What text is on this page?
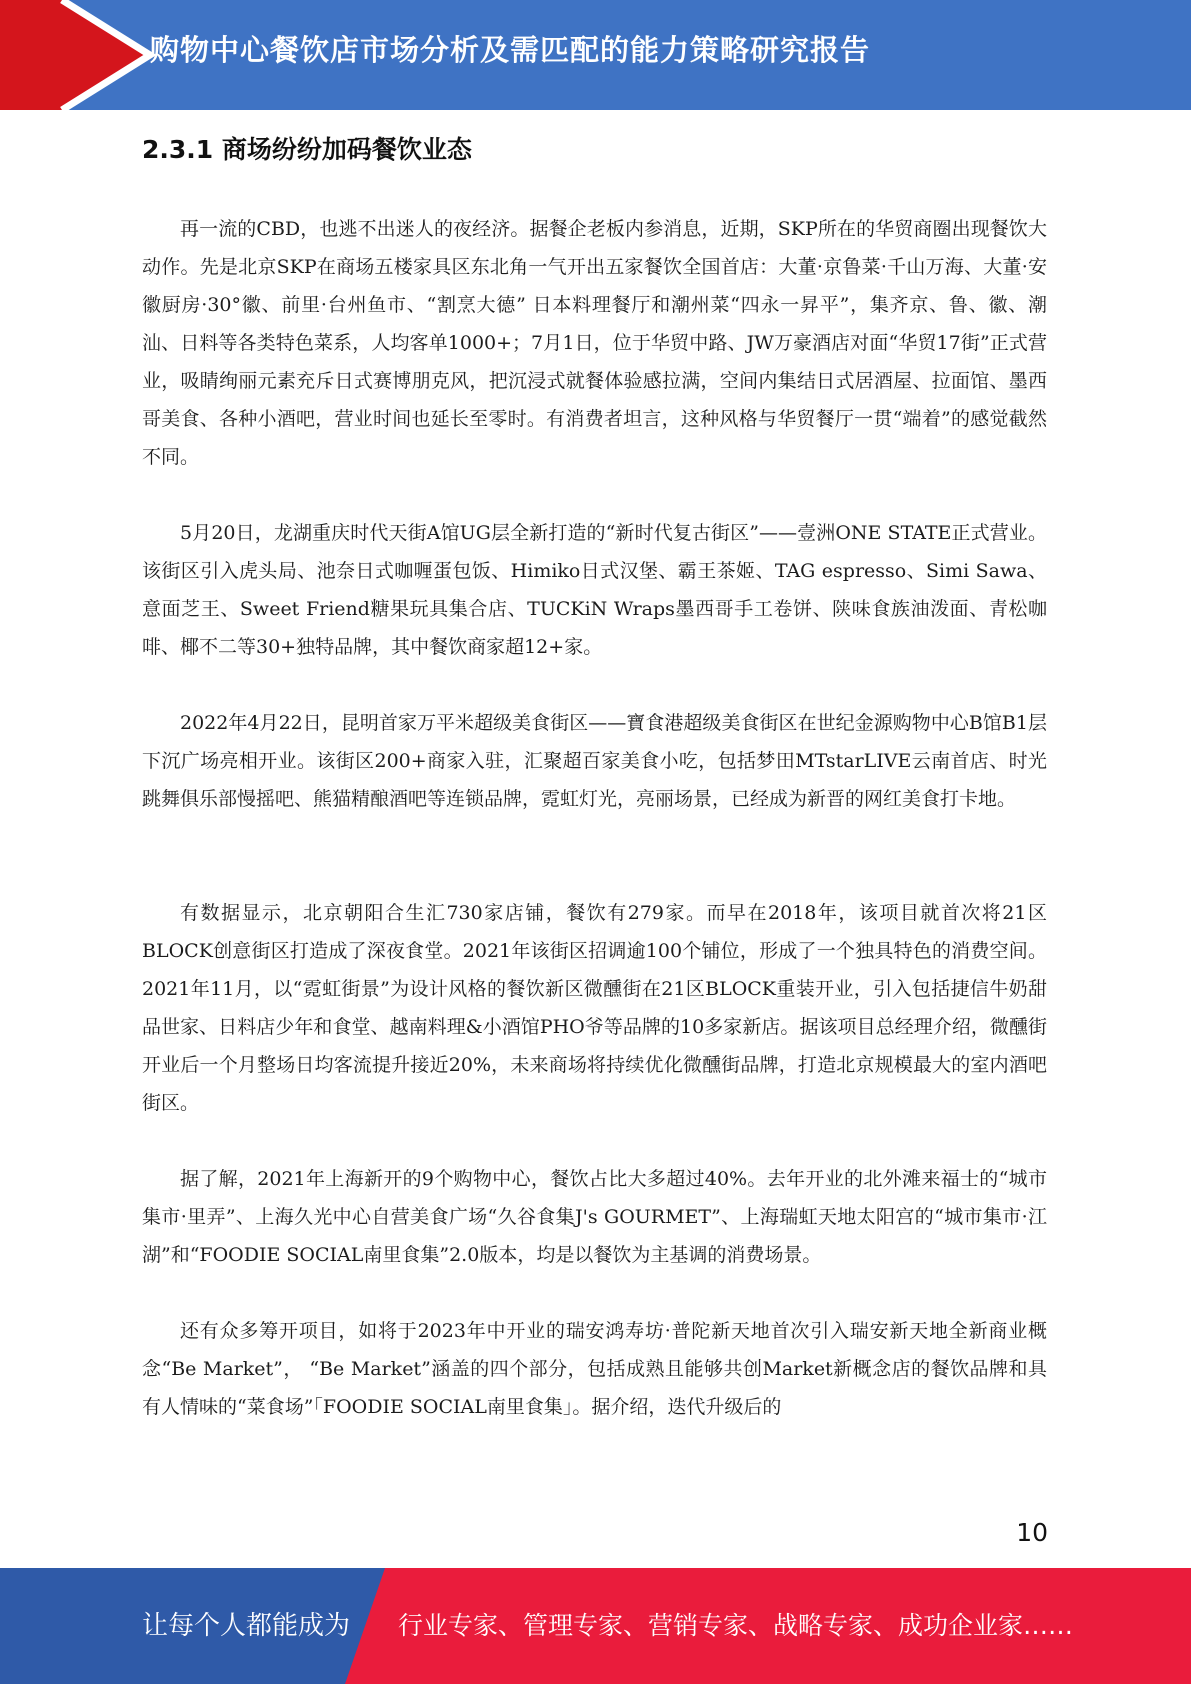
购物中心餐饮店市场分析及需匹配的能力策略研究报告
2.3.1 商场纷纷加码餐饮业态

再一流的CBD，也逃不出迷人的夜经济。据餐企老板内参消息，近期，SKP所在的华贸商圈出现餐饮大动作。先是北京SKP在商场五楼家具区东北角一气开出五家餐饮全国首店：大董·京鲁菜·千山万海、大董·安徽厨房·30°徽、前里·台州鱼市、“割烹大德” 日本料理餐厅和潮州菜“四永一昇平”，集齐京、鲁、徽、潮汕、日料等各类特色菜系，人均客单1000+；7月1日，位于华贸中路、JW万豪酒店对面“华贸17街”正式营业，吸睛绚丽元素充斥日式赛博朋克风，把沉浸式就餐体验感拉满，空间内集结日式居酒屋、拉面馆、墨西哥美食、各种小酒吧，营业时间也延长至零时。有消费者坦言，这种风格与华贸餐厅一贯“端着”的感觉截然不同。

5月20日，龙湖重庆时代天街A馆UG层全新打造的“新时代复古街区”——壹洲ONE STATE正式营业。该街区引入虎头局、池奈日式咖喱蛋包饭、Himiko日式汉堡、霸王茶姬、TAG espresso、Simi Sawa、意面芝王、Sweet Friend糖果玩具集合店、TUCKiN Wraps墨西哥手工卷饼、陕味食族油泼面、青松咖啡、椰不二等30+独特品牌，其中餐饮商家超12+家。

2022年4月22日，昆明首家万平米超级美食街区——寶食港超级美食街区在世纪金源购物中心B馆B1层下沉广场亮相开业。该街区200+商家入驻，汇聚超百家美食小吃，包括梦田MTstarLIVE云南首店、时光跳舞俱乐部慢摇吧、熊猫精酿酒吧等连锁品牌，霓虹灯光，亮丽场景，已经成为新晋的网红美食打卡地。

有数据显示，北京朝阳合生汇730家店铺，餐饮有279家。而早在2018年，该项目就首次将21区BLOCK创意街区打造成了深夜食堂。2021年该街区招调逾100个铺位，形成了一个独具特色的消费空间。2021年11月，以“霓虹街景”为设计风格的餐饮新区微醺街在21区BLOCK重装开业，引入包括捷信牛奶甜品世家、日料店少年和食堂、越南料理&小酒馆PHO爷等品牌的10多家新店。据该项目总经理介绍，微醺街开业后一个月整场日均客流提升接近20%，未来商场将持续优化微醺街品牌，打造北京规模最大的室内酒吧街区。

据了解，2021年上海新开的9个购物中心，餐饮占比大多超过40%。去年开业的北外滩来福士的“城市集市·里弄”、上海久光中心自营美食广场“久谷食集J's GOURMET”、上海瑞虹天地太阳宫的“城市集市·江湖”和“FOODIE SOCIAL南里食集”2.0版本，均是以餐饮为主基调的消费场景。

还有众多筹开项目，如将于2023年中开业的瑞安鸿寿坊·普陀新天地首次引入瑞安新天地全新商业概念“Be Market”， “Be Market”涵盖的四个部分，包括成熟且能够共创Market新概念店的餐饮品牌和具有人情味的“菜食场”「FOODIE SOCIAL南里食集」。据介绍，迭代升级后的

10
让每个人都能成为 行业专家、管理专家、营销专家、战略专家、成功企业家……
